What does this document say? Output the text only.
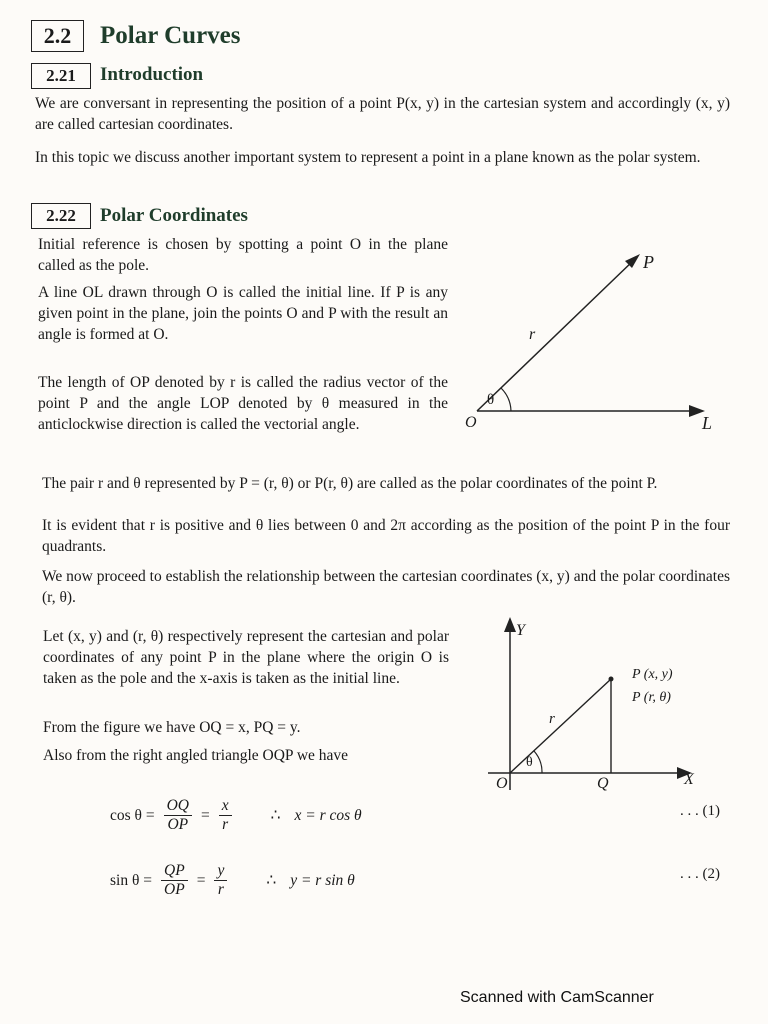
2.2	Polar Curves
2.21	Introduction
We are conversant in representing the position of a point P(x, y) in the cartesian system and accordingly (x, y) are called cartesian coordinates.
In this topic we discuss another important system to represent a point in a plane known as the polar system.
2.22	Polar Coordinates
Initial reference is chosen by spotting a point O in the plane called as the pole.
A line OL drawn through O is called the initial line. If P is any given point in the plane, join the points O and P with the result an angle is formed at O.
The length of OP denoted by r is called the radius vector of the point P and the angle LOP denoted by θ measured in the anticlockwise direction is called the vectorial angle.
P
r
θ
O	L
The pair r and θ represented by P = (r, θ) or P(r, θ) are called as the polar coordinates of the point P.
It is evident that r is positive and θ lies between 0 and 2π according as the position of the point P in the four quadrants.
We now proceed to establish the relationship between the cartesian coordinates (x, y) and the polar coordinates (r, θ).
Let (x, y) and (r, θ) respectively represent the cartesian and polar coordinates of any point P in the plane where the origin O is taken as the pole and the x-axis is taken as the initial line.
From the figure we have OQ = x, PQ = y.
Also from the right angled triangle OQP we have
Y
X
O	Q
r
θ
P (x, y)
P (r, θ)
$\cos \theta = \frac{OQ}{OP} = \frac{x}{r}$	∴ x = r cos θ	. . . (1)
$\sin \theta = \frac{QP}{OP} = \frac{y}{r}$	∴ y = r sin θ	. . . (2)
Scanned with CamScanner
